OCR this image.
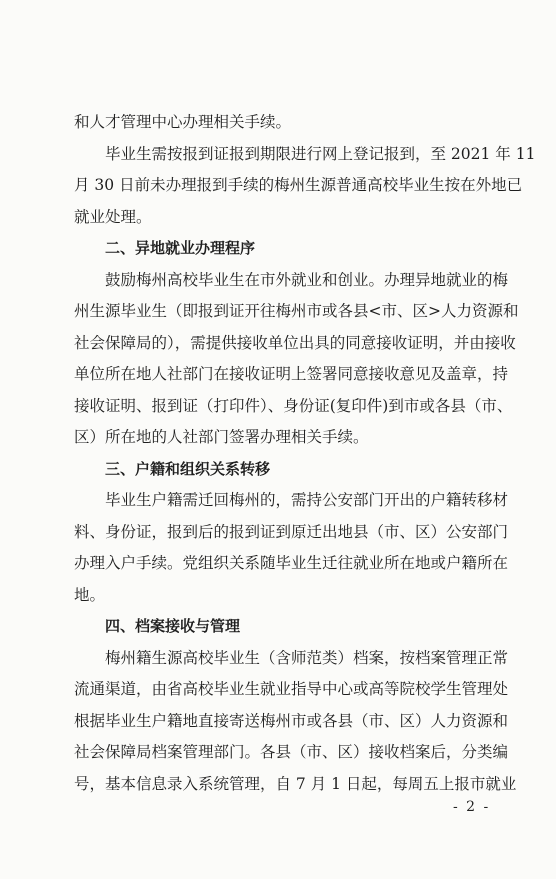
和人才管理中心办理相关手续。
毕业生需按报到证报到期限进行网上登记报到，至 2021 年 11
月 30 日前未办理报到手续的梅州生源普通高校毕业生按在外地已
就业处理。
二、异地就业办理程序
鼓励梅州高校毕业生在市外就业和创业。办理异地就业的梅
州生源毕业生（即报到证开往梅州市或各县<市、区>人力资源和
社会保障局的），需提供接收单位出具的同意接收证明，并由接收
单位所在地人社部门在接收证明上签署同意接收意见及盖章，持
接收证明、报到证（打印件）、身份证(复印件)到市或各县（市、
区）所在地的人社部门签署办理相关手续。
三、户籍和组织关系转移
毕业生户籍需迁回梅州的，需持公安部门开出的户籍转移材
料、身份证，报到后的报到证到原迁出地县（市、区）公安部门
办理入户手续。党组织关系随毕业生迁往就业所在地或户籍所在
地。
四、档案接收与管理
梅州籍生源高校毕业生（含师范类）档案，按档案管理正常
流通渠道，由省高校毕业生就业指导中心或高等院校学生管理处
根据毕业生户籍地直接寄送梅州市或各县（市、区）人力资源和
社会保障局档案管理部门。各县（市、区）接收档案后，分类编
号，基本信息录入系统管理，自 7 月 1 日起，每周五上报市就业
- 2 -
